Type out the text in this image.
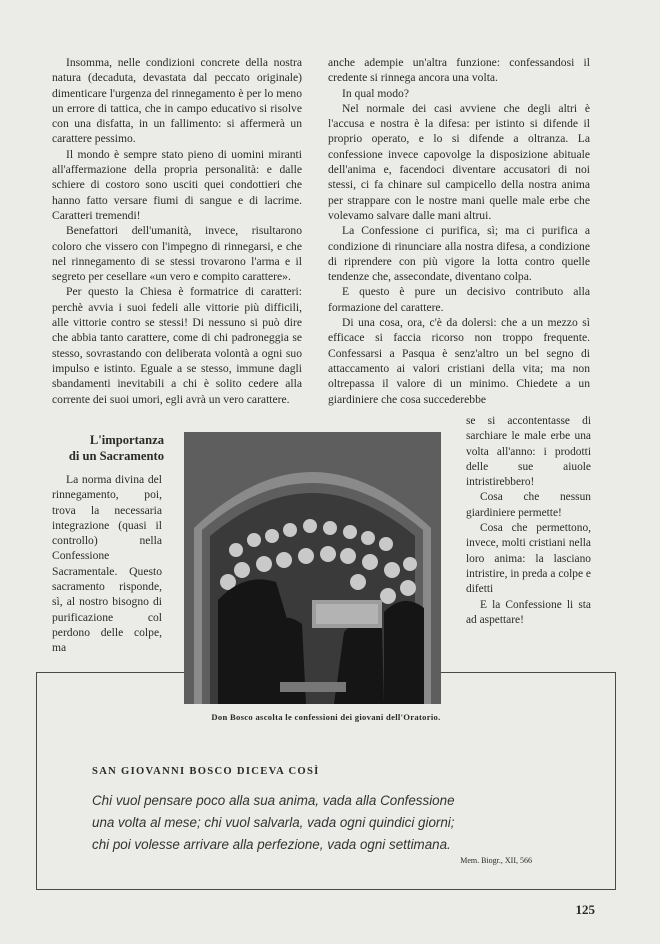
Insomma, nelle condizioni concrete della nostra natura (decaduta, devastata dal peccato originale) dimenticare l'urgenza del rinnegamento è per lo meno un errore di tattica, che in campo educativo si risolve con una disfatta, in un fallimento: si affermerà un carattere pessimo.

Il mondo è sempre stato pieno di uomini miranti all'affermazione della propria personalità: e dalle schiere di costoro sono usciti quei condottieri che hanno fatto versare fiumi di sangue e di lacrime. Caratteri tremendi!

Benefattori dell'umanità, invece, risultarono coloro che vissero con l'impegno di rinnegarsi, e che nel rinnegamento di se stessi trovarono l'arma e il segreto per cesellare «un vero e compito carattere».

Per questo la Chiesa è formatrice di caratteri: perchè avvia i suoi fedeli alle vittorie più difficili, alle vittorie contro se stessi! Di nessuno si può dire che abbia tanto carattere, come di chi padroneggia se stesso, sovrastando con deliberata volontà a ogni suo impulso e istinto. Eguale a se stesso, immune dagli sbandamenti inevitabili a chi è solito cedere alla corrente dei suoi umori, egli avrà un vero carattere.

anche adempie un'altra funzione: confessandosi il credente si rinnega ancora una volta.

In qual modo?

Nel normale dei casi avviene che degli altri è l'accusa e nostra è la difesa: per istinto si difende il proprio operato, e lo si difende a oltranza. La confessione invece capovolge la disposizione abituale dell'anima e, facendoci diventare accusatori di noi stessi, ci fa chinare sul campicello della nostra anima per strappare con le nostre mani quelle male erbe che volevamo salvare dalle mani altrui.

La Confessione ci purifica, sì; ma ci purifica a condizione di rinunciare alla nostra difesa, a condizione di riprendere con più vigore la lotta contro quelle tendenze che, assecondate, diventano colpa.

E questo è pure un decisivo contributo alla formazione del carattere.

Di una cosa, ora, c'è da dolersi: che a un mezzo sì efficace si faccia ricorso non troppo frequente. Confessarsi a Pasqua è senz'altro un bel segno di attaccamento ai valori cristiani della vita; ma non oltrepassa il valore di un minimo. Chiedete a un giardiniere che cosa succederebbe

L'importanza
di un Sacramento

La norma divina del rinnegamento, poi, trova la necessaria integrazione (quasi il controllo) nella Confessione Sacramentale. Questo sacramento risponde, sì, al nostro bisogno di purificazione col perdono delle colpe, ma

se si accontentasse di sarchiare le male erbe una volta all'anno: i prodotti delle sue aiuole intristirebbero!

Cosa che nessun giardiniere permette!

Cosa che permettono, invece, molti cristiani nella loro anima: la lasciano intristire, in preda a colpe e difetti

E la Confessione li sta ad aspettare!

Don Bosco ascolta le confessioni dei giovani dell'Oratorio.
SAN GIOVANNI BOSCO DICEVA COSÌ
Chi vuol pensare poco alla sua anima, vada alla Confessione
una volta al mese; chi vuol salvarla, vada ogni quindici giorni;
chi poi volesse arrivare alla perfezione, vada ogni settimana.
Mem. Biogr., XII, 566
125
